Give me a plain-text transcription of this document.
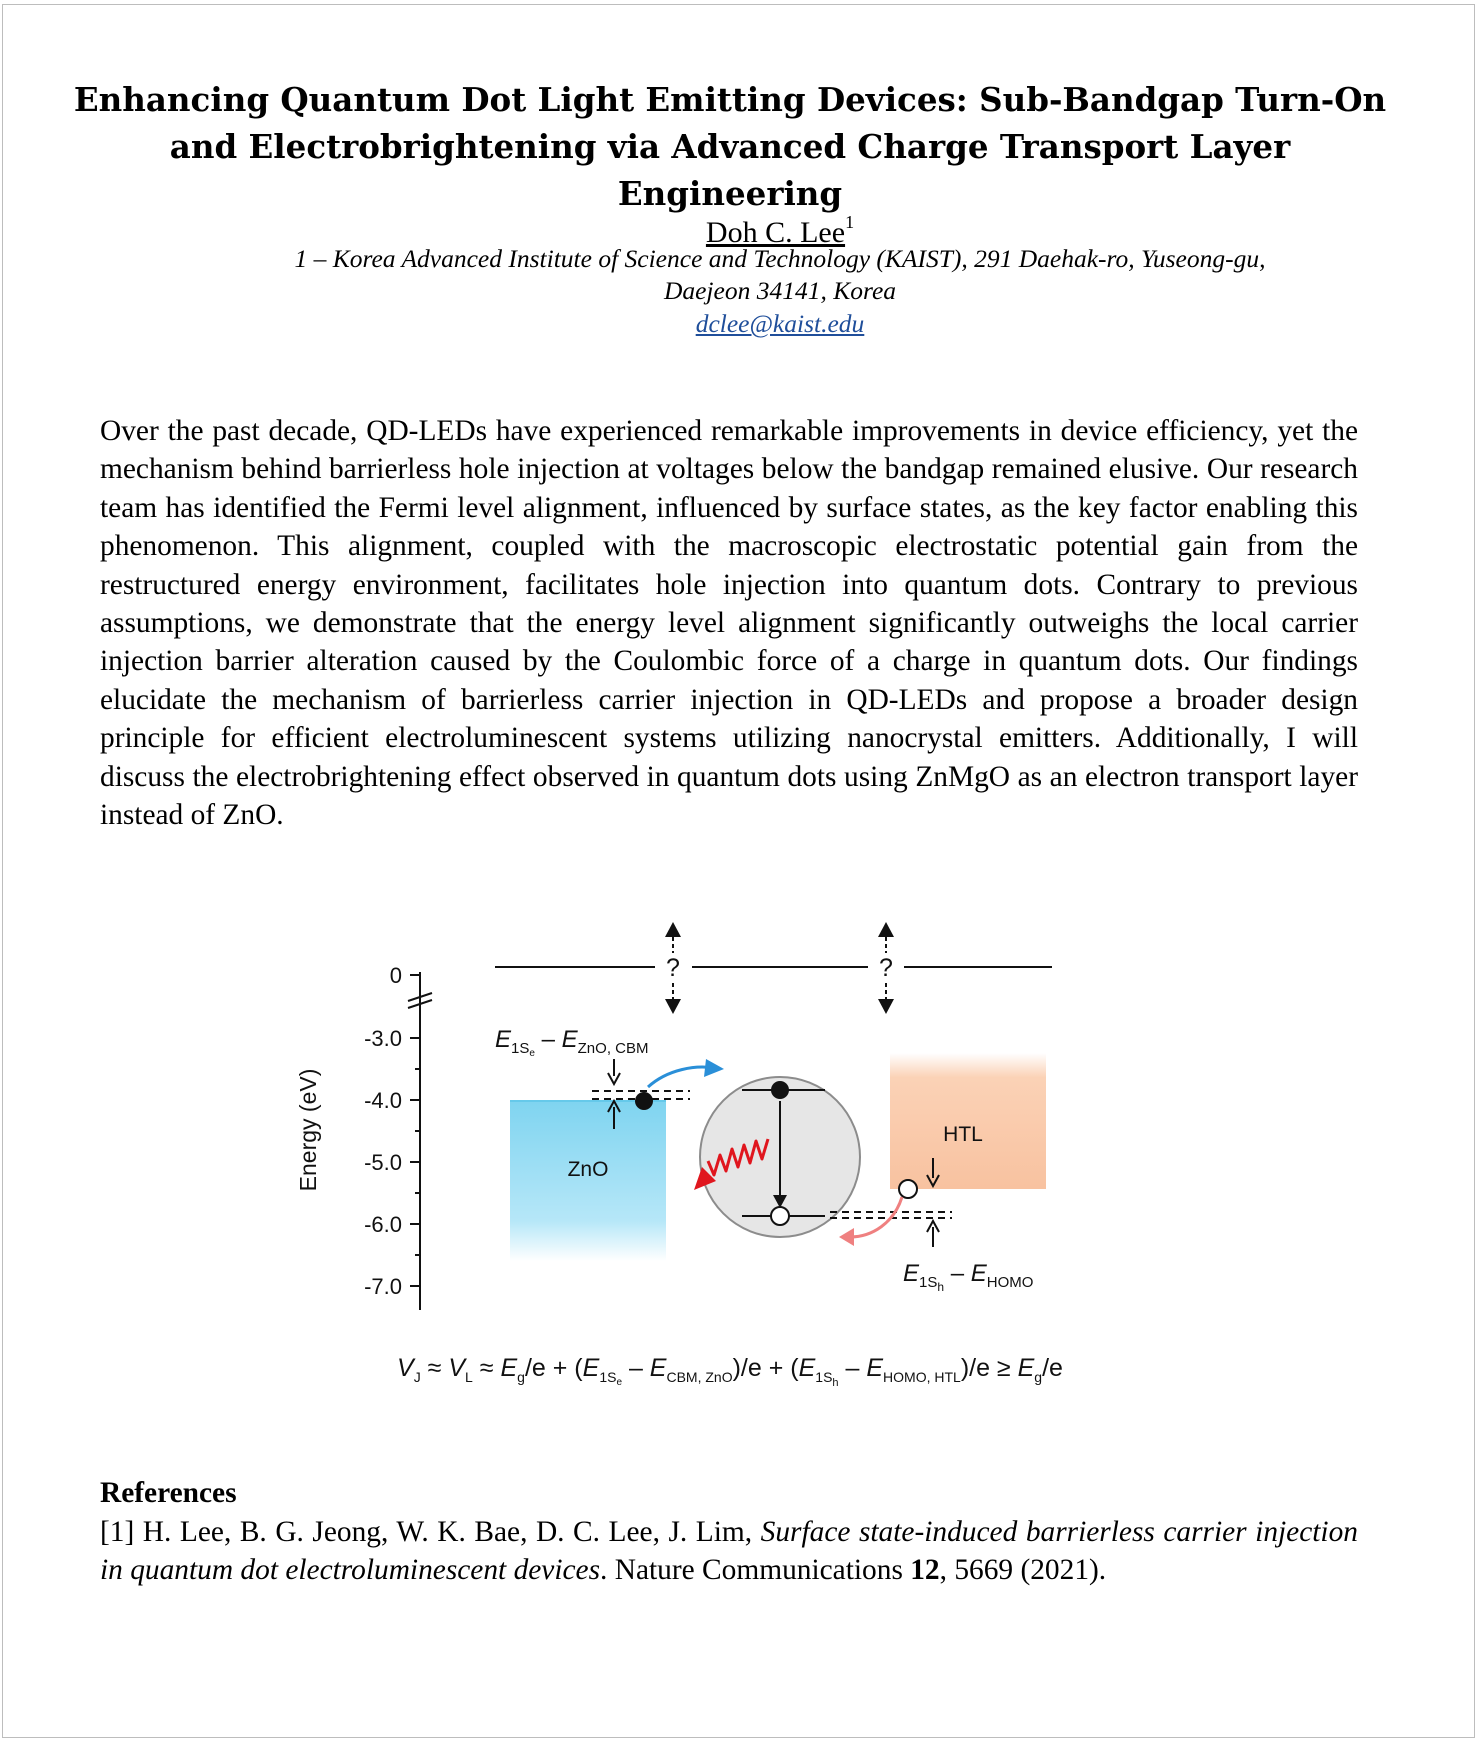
Enhancing Quantum Dot Light Emitting Devices: Sub-Bandgap Turn-On
and Electrobrightening via Advanced Charge Transport Layer Engineering
Doh C. Lee$^1$
1 – Korea Advanced Institute of Science and Technology (KAIST), 291 Daehak-ro, Yuseong-gu,
Daejeon 34141, Korea
dclee@kaist.edu
Over the past decade, QD-LEDs have experienced remarkable improvements in device efficiency, yet the mechanism behind barrierless hole injection at voltages below the bandgap remained elusive. Our research team has identified the Fermi level alignment, influenced by surface states, as the key factor enabling this phenomenon. This alignment, coupled with the macroscopic electrostatic potential gain from the restructured energy environment, facilitates hole injection into quantum dots. Contrary to previous assumptions, we demonstrate that the energy level alignment significantly outweighs the local carrier injection barrier alteration caused by the Coulombic force of a charge in quantum dots. Our findings elucidate the mechanism of barrierless carrier injection in QD-LEDs and propose a broader design principle for efficient electroluminescent systems utilizing nanocrystal emitters. Additionally, I will discuss the electrobrightening effect observed in quantum dots using ZnMgO as an electron transport layer instead of ZnO.
0
-3.0
-4.0
-5.0
-6.0
-7.0
Energy (eV)
?	?
ZnO
HTL
$E_{1S}e - E_{ZnO, CBM}$
$E_{1S}h - E_{HOMO}$
$V_J \approx V_L \approx E_g/e + (E_{1S}e - E_{CBM, ZnO})/e + (E_{1S}h - E_{HOMO, HTL})/e \ge E_g/e$
References
[1] H. Lee, B. G. Jeong, W. K. Bae, D. C. Lee, J. Lim, Surface state-induced barrierless carrier injection in quantum dot electroluminescent devices. Nature Communications 12, 5669 (2021).
